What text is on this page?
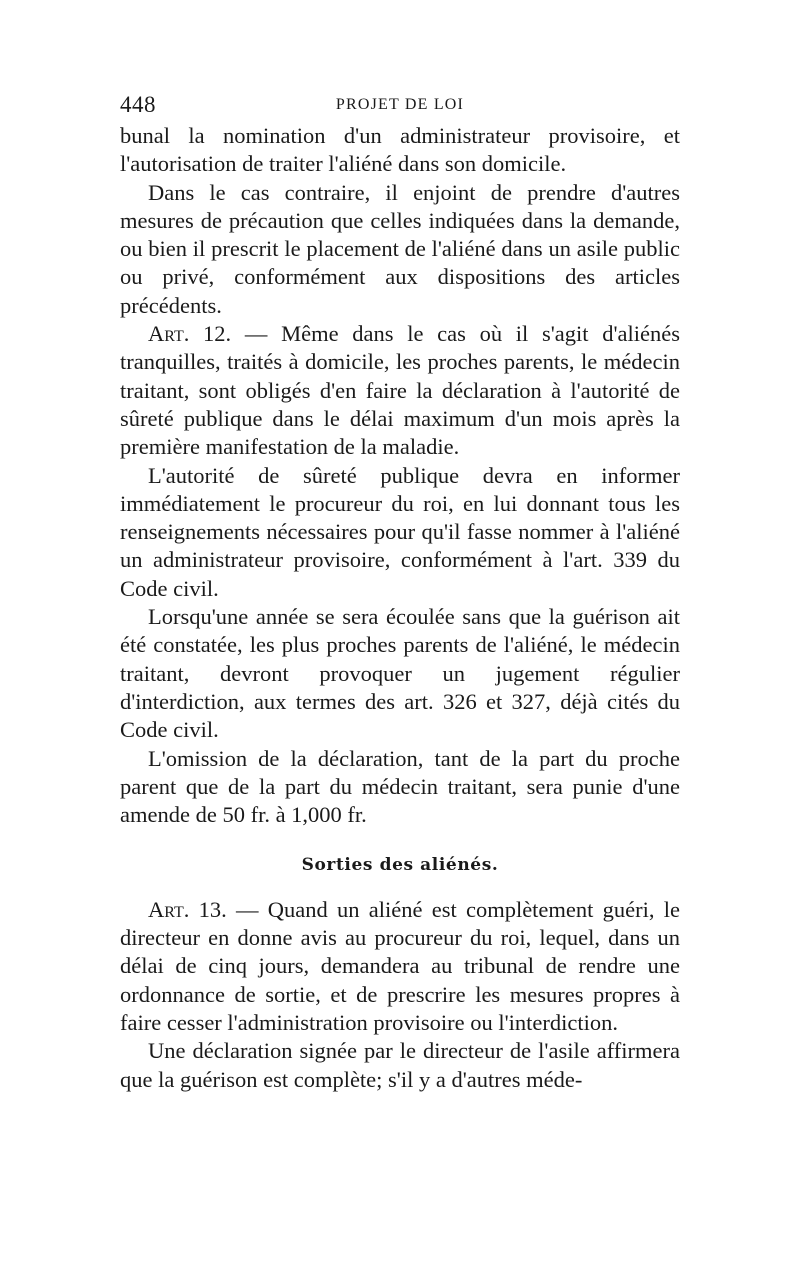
448	PROJET DE LOI

bunal la nomination d'un administrateur provisoire, et l'autorisation de traiter l'aliéné dans son domicile.

Dans le cas contraire, il enjoint de prendre d'autres mesures de précaution que celles indiquées dans la demande, ou bien il prescrit le placement de l'aliéné dans un asile public ou privé, conformément aux dispositions des articles précédents.

Art. 12. — Même dans le cas où il s'agit d'aliénés tranquilles, traités à domicile, les proches parents, le médecin traitant, sont obligés d'en faire la déclaration à l'autorité de sûreté publique dans le délai maximum d'un mois après la première manifestation de la maladie.

L'autorité de sûreté publique devra en informer immédiatement le procureur du roi, en lui donnant tous les renseignements nécessaires pour qu'il fasse nommer à l'aliéné un administrateur provisoire, conformément à l'art. 339 du Code civil.

Lorsqu'une année se sera écoulée sans que la guérison ait été constatée, les plus proches parents de l'aliéné, le médecin traitant, devront provoquer un jugement régulier d'interdiction, aux termes des art. 326 et 327, déjà cités du Code civil.

L'omission de la déclaration, tant de la part du proche parent que de la part du médecin traitant, sera punie d'une amende de 50 fr. à 1,000 fr.

Sorties des aliénés.

Art. 13. — Quand un aliéné est complètement guéri, le directeur en donne avis au procureur du roi, lequel, dans un délai de cinq jours, demandera au tribunal de rendre une ordonnance de sortie, et de prescrire les mesures propres à faire cesser l'administration provisoire ou l'interdiction.

Une déclaration signée par le directeur de l'asile affirmera que la guérison est complète; s'il y a d'autres méde-
